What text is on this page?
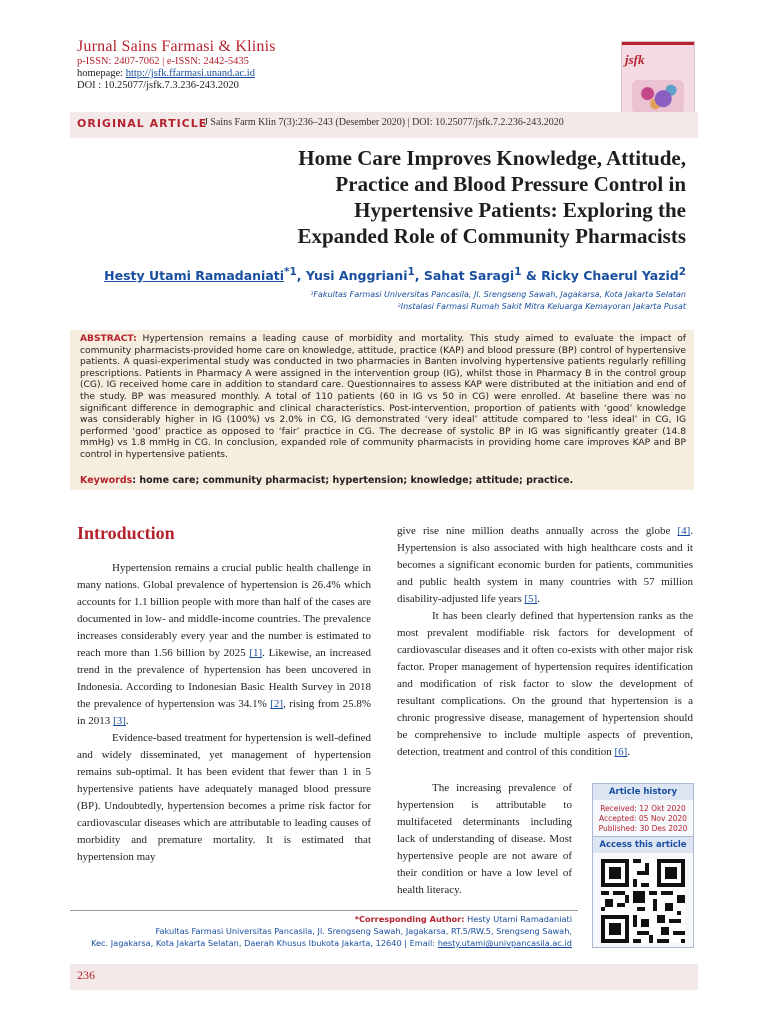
Jurnal Sains Farmasi & Klinis
p-ISSN: 2407-7062 | e-ISSN: 2442-5435
homepage: http://jsfk.ffarmasi.unand.ac.id
DOI : 10.25077/jsfk.7.3.236-243.2020
jsfk
ORIGINAL ARTICLE
J Sains Farm Klin 7(3):236–243 (Desember 2020) | DOI: 10.25077/jsfk.7.2.236-243.2020
Home Care Improves Knowledge, Attitude,
Practice and Blood Pressure Control in
Hypertensive Patients: Exploring the
Expanded Role of Community Pharmacists
Hesty Utami Ramadaniati$^{*1}$, Yusi Anggriani$^1$, Sahat Saragi$^1$ & Ricky Chaerul Yazid$^2$
¹Fakultas Farmasi Universitas Pancasila, Jl. Srengseng Sawah, Jagakarsa, Kota Jakarta Selatan
²Instalasi Farmasi Rumah Sakit Mitra Keluarga Kemayoran Jakarta Pusat
ABSTRACT: Hypertension remains a leading cause of morbidity and mortality. This study aimed to evaluate the impact of community pharmacists-provided home care on knowledge, attitude, practice (KAP) and blood pressure (BP) control of hypertensive patients. A quasi-experimental study was conducted in two pharmacies in Banten involving hypertensive patients regularly refilling prescriptions. Patients in Pharmacy A were assigned in the intervention group (IG), whilst those in Pharmacy B in the control group (CG). IG received home care in addition to standard care. Questionnaires to assess KAP were distributed at the initiation and end of the study. BP was measured monthly. A total of 110 patients (60 in IG vs 50 in CG) were enrolled. At baseline there was no significant difference in demographic and clinical characteristics. Post-intervention, proportion of patients with ‘good’ knowledge was considerably higher in IG (100%) vs 2.0% in CG, IG demonstrated ‘very ideal’ attitude compared to ‘less ideal’ in CG, IG performed ‘good’ practice as opposed to ‘fair’ practice in CG. The decrease of systolic BP in IG was significantly greater (14.8 mmHg) vs 1.8 mmHg in CG. In conclusion, expanded role of community pharmacists in providing home care improves KAP and BP control in hypertensive patients.
Keywords: home care; community pharmacist; hypertension; knowledge; attitude; practice.
Introduction

Hypertension remains a crucial public health challenge in many nations. Global prevalence of hypertension is 26.4% which accounts for 1.1 billion people with more than half of the cases are documented in low- and middle-income countries. The prevalence increases considerably every year and the number is estimated to reach more than 1.56 billion by 2025 [1]. Likewise, an increased trend in the prevalence of hypertension has been uncovered in Indonesia. According to Indonesian Basic Health Survey in 2018 the prevalence of hypertension was 34.1% [2], rising from 25.8% in 2013 [3].

Evidence-based treatment for hypertension is well-defined and widely disseminated, yet management of hypertension remains sub-optimal. It has been evident that fewer than 1 in 5 hypertensive patients have adequately managed blood pressure (BP). Undoubtedly, hypertension becomes a prime risk factor for cardiovascular diseases which are attributable to leading causes of morbidity and premature mortality. It is estimated that hypertension may

give rise nine million deaths annually across the globe [4]. Hypertension is also associated with high healthcare costs and it becomes a significant economic burden for patients, communities and public health system in many countries with 57 million disability-adjusted life years [5].

It has been clearly defined that hypertension ranks as the most prevalent modifiable risk factors for development of cardiovascular diseases and it often co-exists with other major risk factor. Proper management of hypertension requires identification and modification of risk factor to slow the development of resultant complications. On the ground that hypertension is a chronic progressive disease, management of hypertension should be comprehensive to include multiple aspects of prevention, detection, treatment and control of this condition [6].

The increasing prevalence of hypertension is attributable to multifaceted determinants including lack of understanding of disease. Most hypertensive people are not aware of their condition or have a low level of health literacy.

Article history
Received: 12 Okt 2020
Accepted: 05 Nov 2020
Published: 30 Des 2020
Access this article
*Corresponding Author: Hesty Utami Ramadaniati
Fakultas Farmasi Universitas Pancasila, Jl. Srengseng Sawah, Jagakarsa, RT.5/RW.5, Srengseng Sawah,
Kec. Jagakarsa, Kota Jakarta Selatan, Daerah Khusus Ibukota Jakarta, 12640 | Email: hesty.utami@univpancasila.ac.id
236
